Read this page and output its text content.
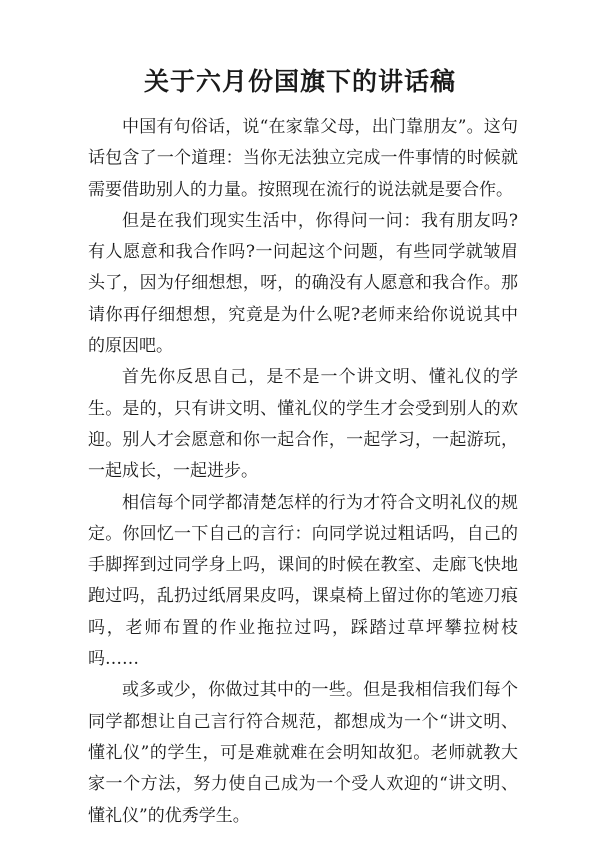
关于六月份国旗下的讲话稿

中国有句俗话，说“在家靠父母，出门靠朋友”。这句话包含了一个道理：当你无法独立完成一件事情的时候就需要借助别人的力量。按照现在流行的说法就是要合作。

但是在我们现实生活中，你得问一问：我有朋友吗?有人愿意和我合作吗?一问起这个问题，有些同学就皱眉头了，因为仔细想想，呀，的确没有人愿意和我合作。那请你再仔细想想，究竟是为什么呢?老师来给你说说其中的原因吧。

首先你反思自己，是不是一个讲文明、懂礼仪的学生。是的，只有讲文明、懂礼仪的学生才会受到别人的欢迎。别人才会愿意和你一起合作，一起学习，一起游玩，一起成长，一起进步。

相信每个同学都清楚怎样的行为才符合文明礼仪的规定。你回忆一下自己的言行：向同学说过粗话吗，自己的手脚挥到过同学身上吗，课间的时候在教室、走廊飞快地跑过吗，乱扔过纸屑果皮吗，课桌椅上留过你的笔迹刀痕吗，老师布置的作业拖拉过吗，踩踏过草坪攀拉树枝吗……

或多或少，你做过其中的一些。但是我相信我们每个同学都想让自己言行符合规范，都想成为一个“讲文明、懂礼仪”的学生，可是难就难在会明知故犯。老师就教大家一个方法，努力使自己成为一个受人欢迎的“讲文明、懂礼仪”的优秀学生。
